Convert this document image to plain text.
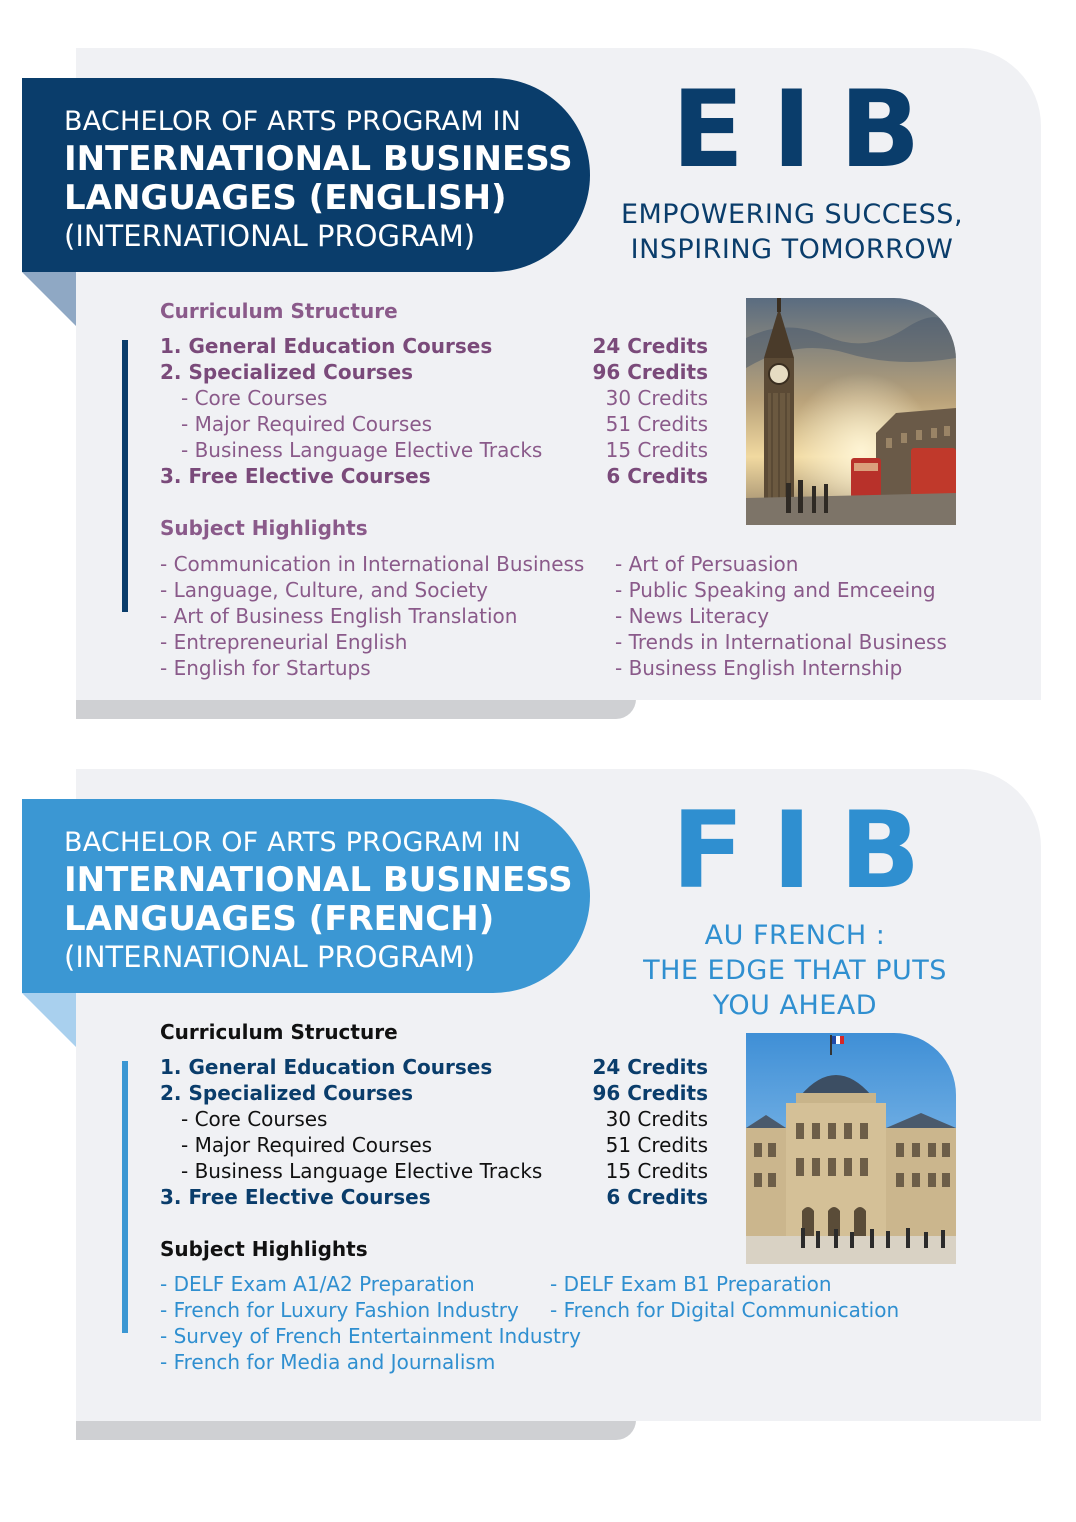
BACHELOR OF ARTS PROGRAM IN
INTERNATIONAL BUSINESS
LANGUAGES (ENGLISH)
(INTERNATIONAL PROGRAM)
EIB
EMPOWERING SUCCESS,
INSPIRING TOMORROW
Curriculum Structure
1. General Education Courses	24 Credits
2. Specialized Courses	96 Credits
- Core Courses	30 Credits
- Major Required Courses	51 Credits
- Business Language Elective Tracks	15 Credits
3. Free Elective Courses	6 Credits
Subject Highlights
- Communication in International Business
- Language, Culture, and Society
- Art of Business English Translation
- Entrepreneurial English
- English for Startups
- Art of Persuasion
- Public Speaking and Emceeing
- News Literacy
- Trends in International Business
- Business English Internship
BACHELOR OF ARTS PROGRAM IN
INTERNATIONAL BUSINESS
LANGUAGES (FRENCH)
(INTERNATIONAL PROGRAM)
FIB
AU FRENCH :
THE EDGE THAT PUTS
YOU AHEAD
Curriculum Structure
1. General Education Courses	24 Credits
2. Specialized Courses	96 Credits
- Core Courses	30 Credits
- Major Required Courses	51 Credits
- Business Language Elective Tracks	15 Credits
3. Free Elective Courses	6 Credits
Subject Highlights
- DELF Exam A1/A2 Preparation
- French for Luxury Fashion Industry
- Survey of French Entertainment Industry
- French for Media and Journalism
- DELF Exam B1 Preparation
- French for Digital Communication
